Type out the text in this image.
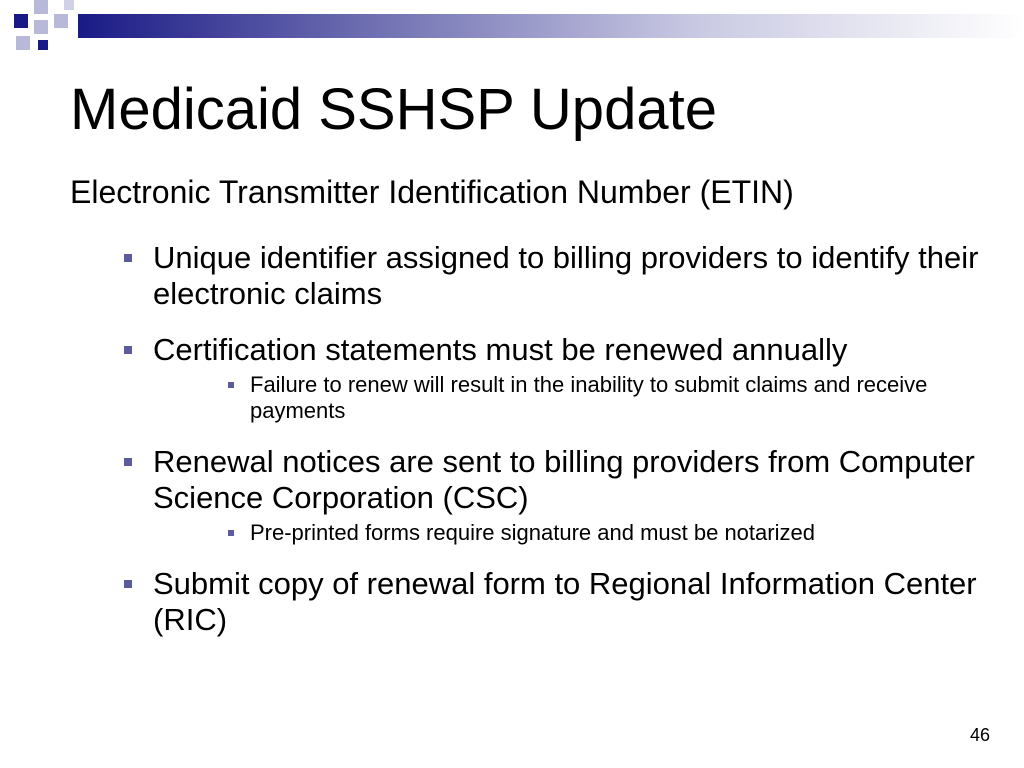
Medicaid SSHSP Update
Electronic Transmitter Identification Number (ETIN)
Unique identifier assigned to billing providers to identify their electronic claims
Certification statements must be renewed annually
Failure to renew will result in the inability to submit claims and receive payments
Renewal notices are sent to billing providers from Computer Science Corporation (CSC)
Pre-printed forms require signature and must be notarized
Submit copy of renewal form to Regional Information Center (RIC)
46
